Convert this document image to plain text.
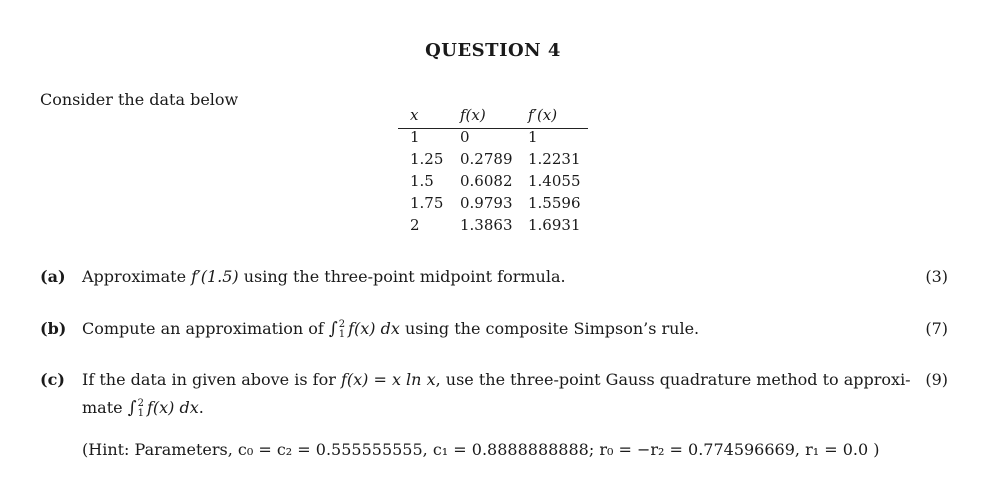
QUESTION 4
Consider the data below
x	f(x)	f′(x)
1	0	1
1.25 0.2789 1.2231
1.5 0.6082 1.4055
1.75 0.9793 1.5596
2	1.3863 1.6931
(a) Approximate f′(1.5) using the three-point midpoint formula.	(3)
(b) Compute an approximation of ∫ 2
1 f(x) dx using the composite Simpson’s rule.	(7)
(c) If the data in given above is for f(x) = x ln x, use the three-point Gauss quadrature method to approxi-
mate ∫ 2
1 f(x) dx.
(9)
(Hint: Parameters, c₀ = c₂ = 0.555555555, c₁ = 0.8888888888; r₀ = −r₂ = 0.774596669, r₁ = 0.0 )
